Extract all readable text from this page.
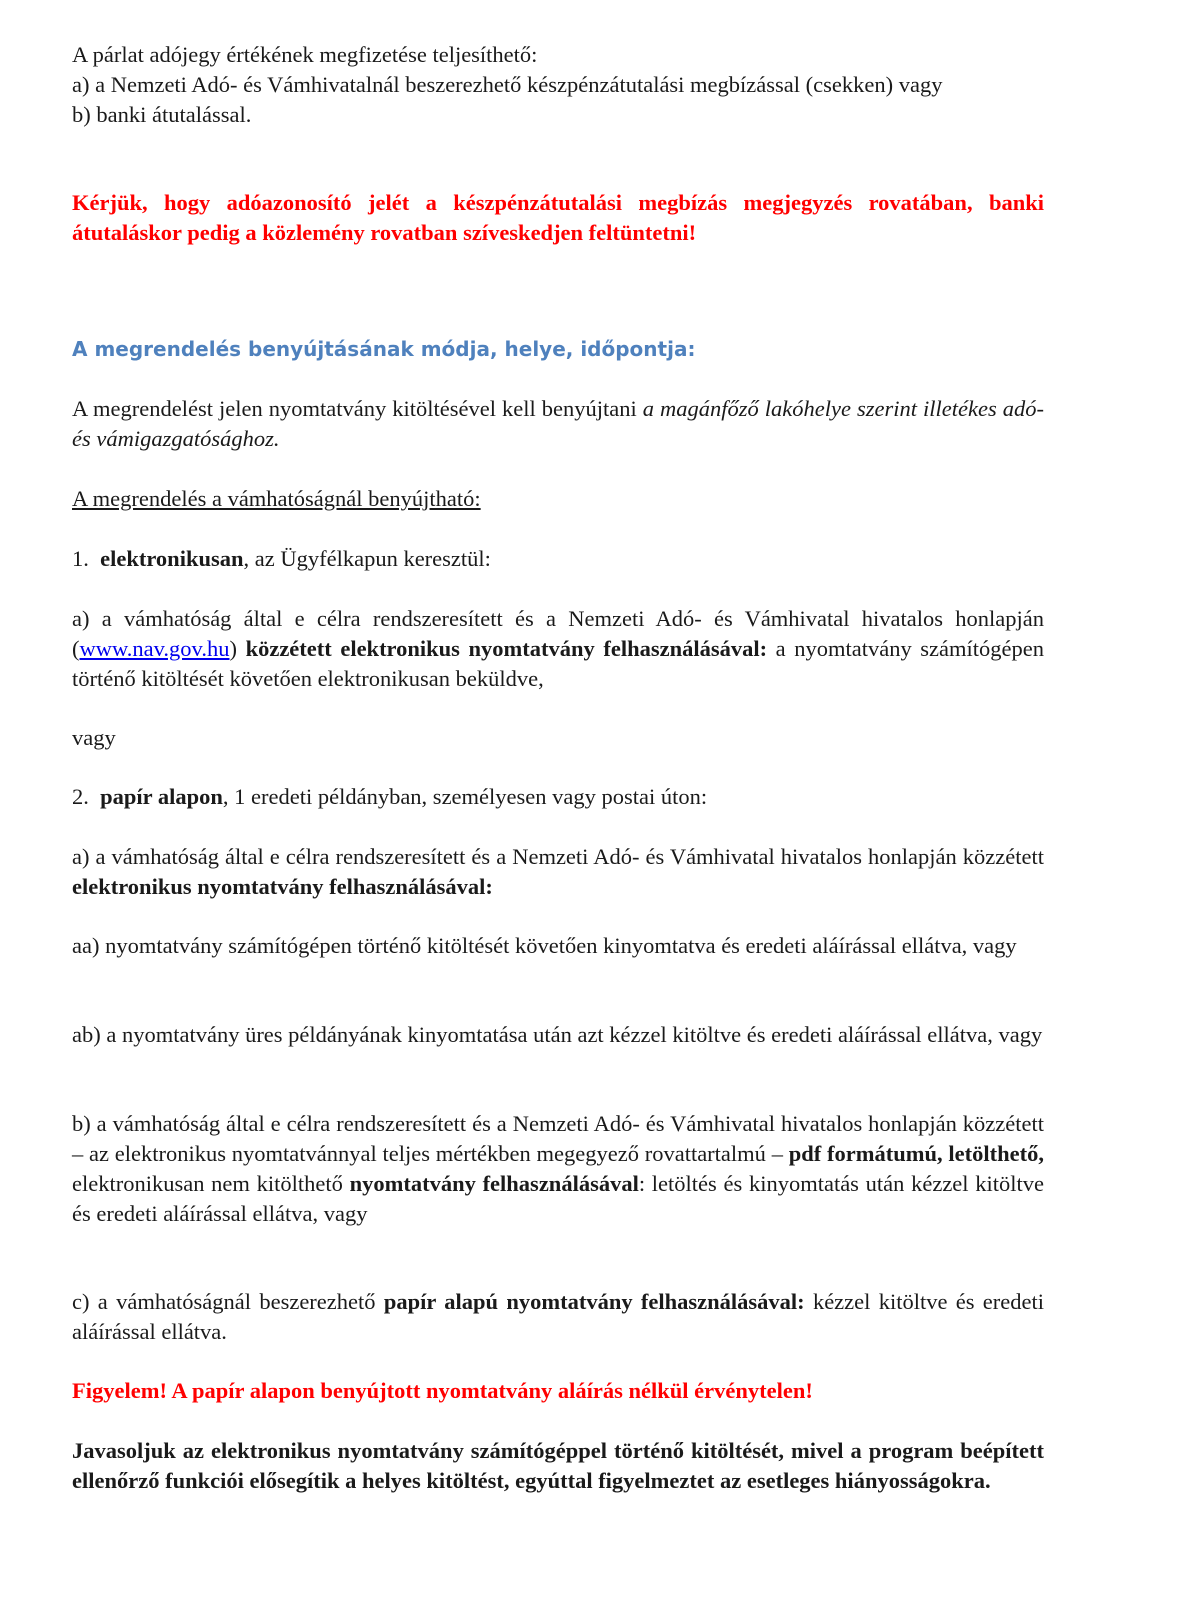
A párlat adójegy értékének megfizetése teljesíthető:

a) a Nemzeti Adó- és Vámhivatalnál beszerezhető készpénzátutalási megbízással (csekken) vagy

b) banki átutalással.

Kérjük, hogy adóazonosító jelét a készpénzátutalási megbízás megjegyzés rovatában, banki átutaláskor pedig a közlemény rovatban szíveskedjen feltüntetni!

A megrendelés benyújtásának módja, helye, időpontja:

A megrendelést jelen nyomtatvány kitöltésével kell benyújtani a magánfőző lakóhelye szerint illetékes adó- és vámigazgatósághoz.

A megrendelés a vámhatóságnál benyújtható:
1. elektronikusan, az Ügyfélkapun keresztül:

a) a vámhatóság által e célra rendszeresített és a Nemzeti Adó- és Vámhivatal hivatalos honlapján (www.nav.gov.hu) közzétett elektronikus nyomtatvány felhasználásával: a nyomtatvány számítógépen történő kitöltését követően elektronikusan beküldve,

vagy
2. papír alapon, 1 eredeti példányban, személyesen vagy postai úton:

a) a vámhatóság által e célra rendszeresített és a Nemzeti Adó- és Vámhivatal hivatalos honlapján közzétett elektronikus nyomtatvány felhasználásával:

aa) nyomtatvány számítógépen történő kitöltését követően kinyomtatva és eredeti aláírással ellátva, vagy

ab) a nyomtatvány üres példányának kinyomtatása után azt kézzel kitöltve és eredeti aláírással ellátva, vagy

b) a vámhatóság által e célra rendszeresített és a Nemzeti Adó- és Vámhivatal hivatalos honlapján közzétett – az elektronikus nyomtatvánnyal teljes mértékben megegyező rovattartalmú – pdf formátumú, letölthető, elektronikusan nem kitölthető nyomtatvány felhasználásával: letöltés és kinyomtatás után kézzel kitöltve és eredeti aláírással ellátva, vagy

c) a vámhatóságnál beszerezhető papír alapú nyomtatvány felhasználásával: kézzel kitöltve és eredeti aláírással ellátva.

Figyelem! A papír alapon benyújtott nyomtatvány aláírás nélkül érvénytelen!

Javasoljuk az elektronikus nyomtatvány számítógéppel történő kitöltését, mivel a program beépített ellenőrző funkciói elősegítik a helyes kitöltést, egyúttal figyelmeztet az esetleges hiányosságokra.
